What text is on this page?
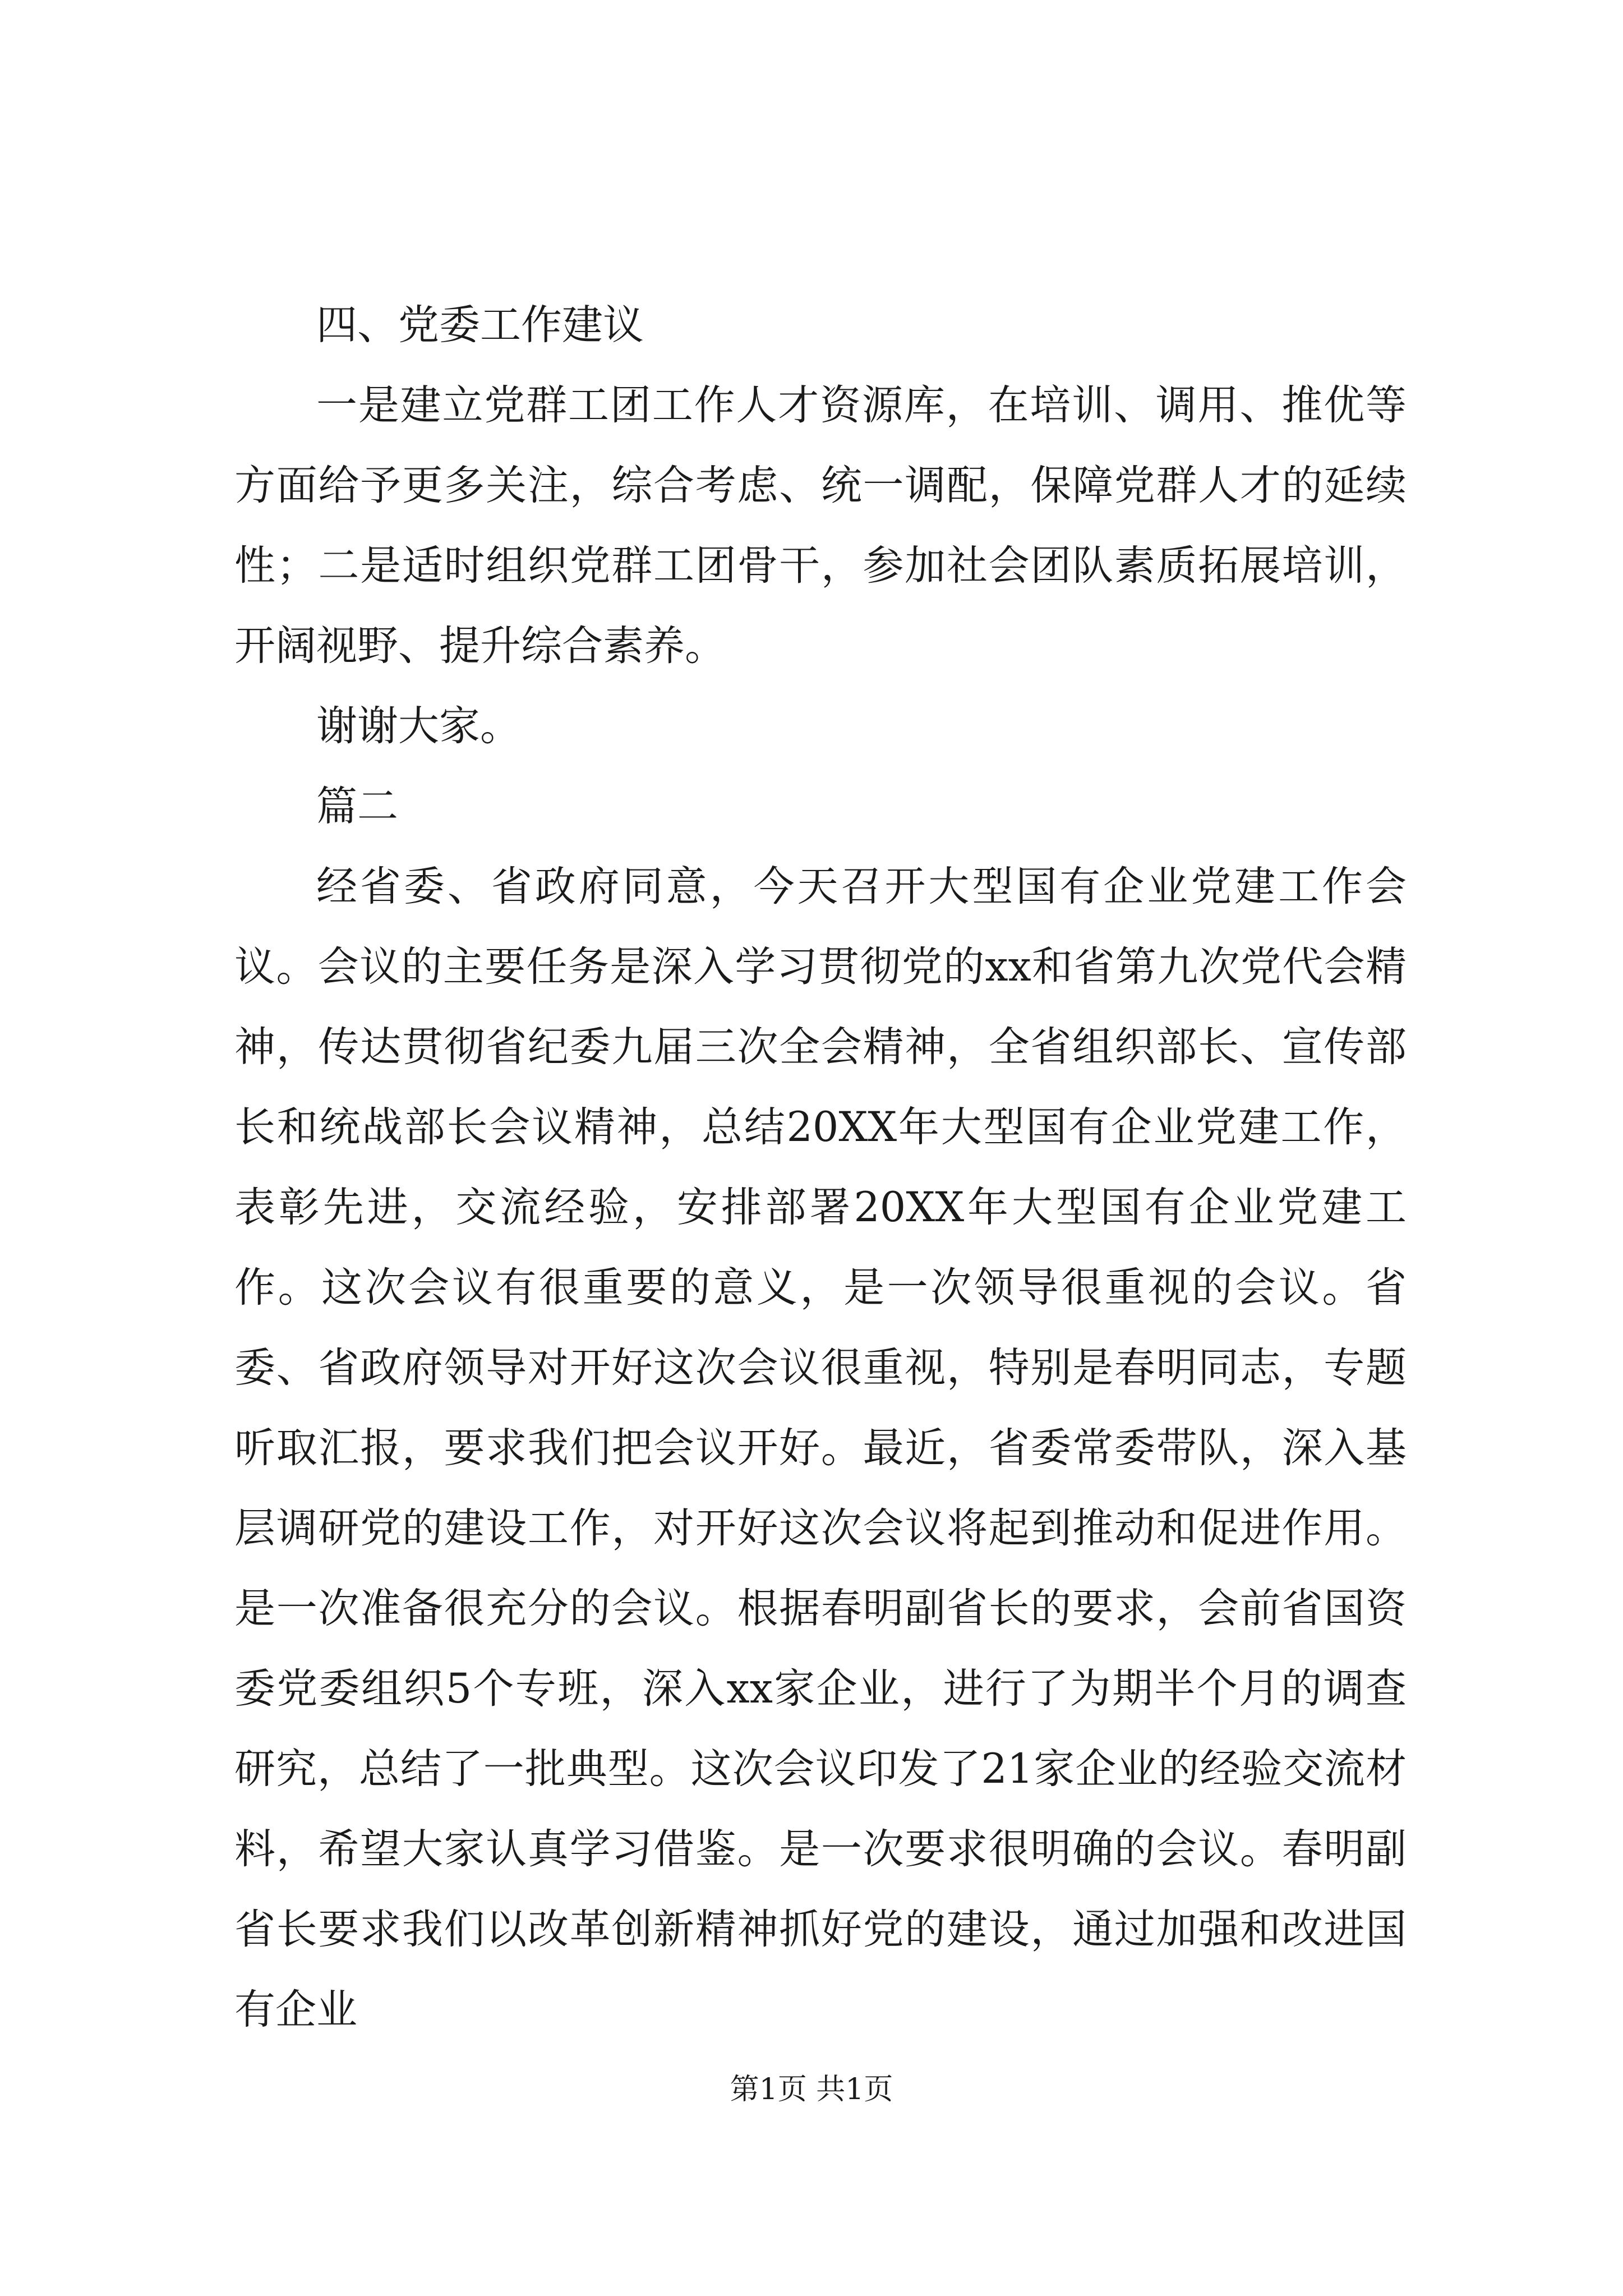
四、党委工作建议

一是建立党群工团工作人才资源库，在培训、调用、推优等方面给予更多关注，综合考虑、统一调配，保障党群人才的延续性；二是适时组织党群工团骨干，参加社会团队素质拓展培训，开阔视野、提升综合素养。

谢谢大家。

篇二

经省委、省政府同意，今天召开大型国有企业党建工作会议。会议的主要任务是深入学习贯彻党的xx和省第九次党代会精神，传达贯彻省纪委九届三次全会精神，全省组织部长、宣传部长和统战部长会议精神，总结20XX年大型国有企业党建工作，表彰先进，交流经验，安排部署20XX年大型国有企业党建工作。这次会议有很重要的意义，是一次领导很重视的会议。省委、省政府领导对开好这次会议很重视，特别是春明同志，专题听取汇报，要求我们把会议开好。最近，省委常委带队，深入基层调研党的建设工作，对开好这次会议将起到推动和促进作用。是一次准备很充分的会议。根据春明副省长的要求，会前省国资委党委组织5个专班，深入xx家企业，进行了为期半个月的调查研究，总结了一批典型。这次会议印发了21家企业的经验交流材料，希望大家认真学习借鉴。是一次要求很明确的会议。春明副省长要求我们以改革创新精神抓好党的建设，通过加强和改进国有企业

第1页 共1页
